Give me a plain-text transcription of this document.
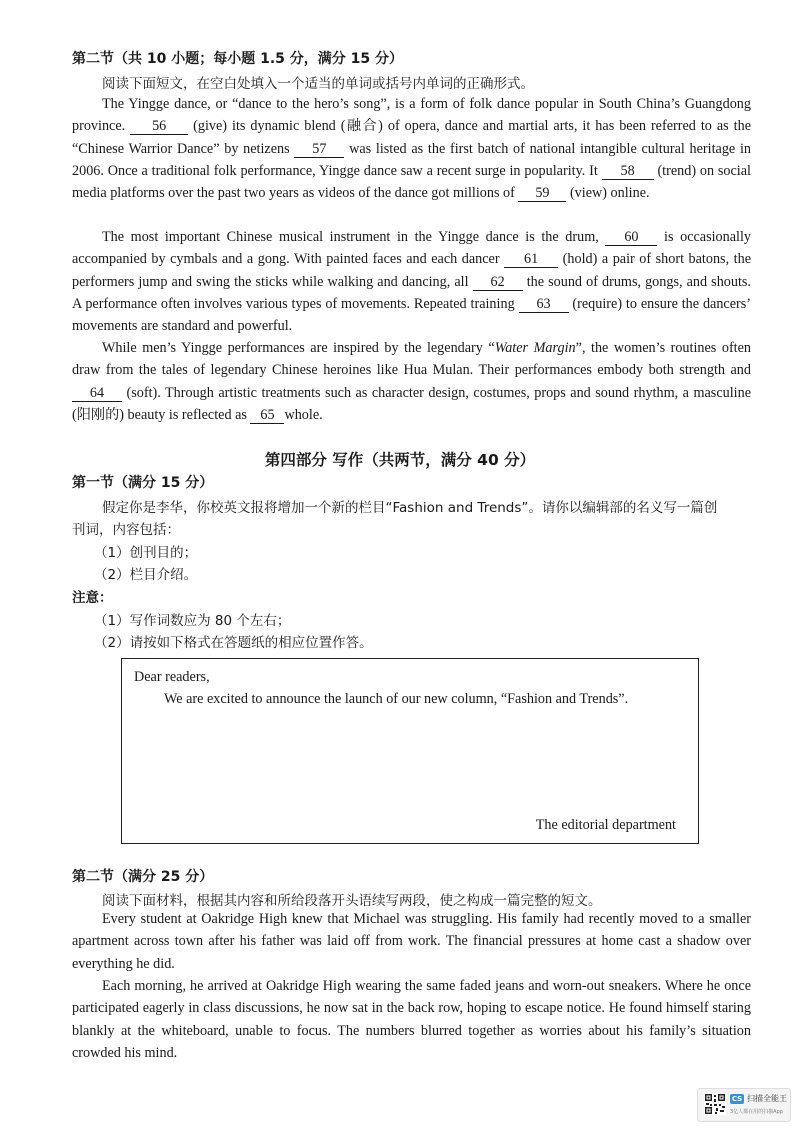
第二节（共 10 小题；每小题 1.5 分，满分 15 分）
阅读下面短文，在空白处填入一个适当的单词或括号内单词的正确形式。

The Yingge dance, or “dance to the hero’s song”, is a form of folk dance popular in South China’s Guangdong province. 56 (give) its dynamic blend (融合) of opera, dance and martial arts, it has been referred to as the “Chinese Warrior Dance” by netizens 57 was listed as the first batch of national intangible cultural heritage in 2006. Once a traditional folk performance, Yingge dance saw a recent surge in popularity. It 58 (trend) on social media platforms over the past two years as videos of the dance got millions of 59 (view) online.

The most important Chinese musical instrument in the Yingge dance is the drum, 60 is occasionally accompanied by cymbals and a gong. With painted faces and each dancer 61 (hold) a pair of short batons, the performers jump and swing the sticks while walking and dancing, all 62 the sound of drums, gongs, and shouts. A performance often involves various types of movements. Repeated training 63 (require) to ensure the dancers’ movements are standard and powerful.

While men’s Yingge performances are inspired by the legendary “Water Margin”, the women’s routines often draw from the tales of legendary Chinese heroines like Hua Mulan. Their performances embody both strength and 64 (soft). Through artistic treatments such as character design, costumes, props and sound rhythm, a masculine (阳刚的) beauty is reflected as 65 whole.

第四部分 写作（共两节，满分 40 分）
第一节（满分 15 分）
假定你是李华，你校英文报将增加一个新的栏目“Fashion and Trends”。请你以编辑部的名义写一篇创
刊词，内容包括：
（1）创刊目的；
（2）栏目介绍。
注意：
（1）写作词数应为 80 个左右；
（2）请按如下格式在答题纸的相应位置作答。
Dear readers,
We are excited to announce the launch of our new column, “Fashion and Trends”.
The editorial department
第二节（满分 25 分）
阅读下面材料，根据其内容和所给段落开头语续写两段，使之构成一篇完整的短文。

Every student at Oakridge High knew that Michael was struggling. His family had recently moved to a smaller apartment across town after his father was laid off from work. The financial pressures at home cast a shadow over everything he did.

Each morning, he arrived at Oakridge High wearing the same faded jeans and worn-out sneakers. Where he once participated eagerly in class discussions, he now sat in the back row, hoping to escape notice. He found himself staring blankly at the whiteboard, unable to focus. The numbers blurred together as worries about his family’s situation crowded his mind.

CS 扫描全能王
3亿人都在用的扫描App
